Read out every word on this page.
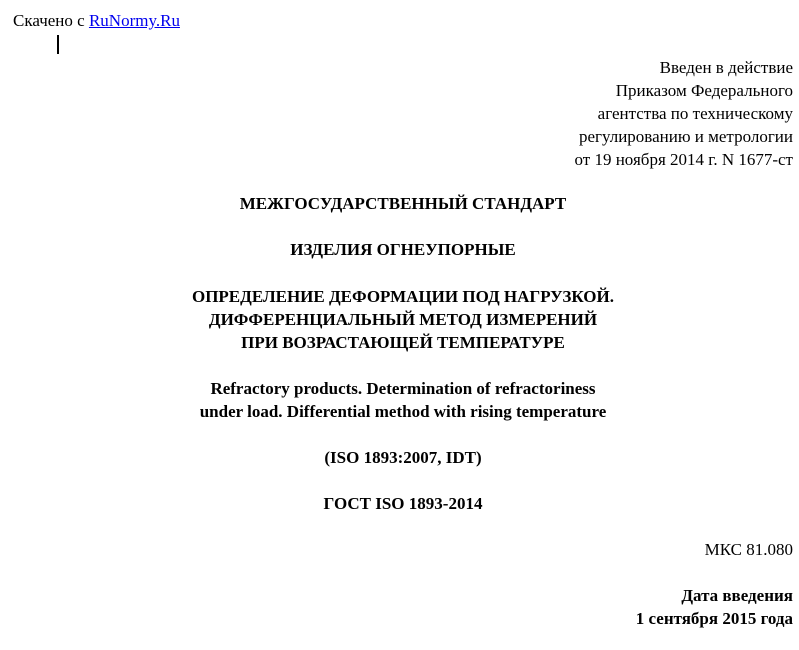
Скачено с RuNormy.Ru
Введен в действие
Приказом Федерального
агентства по техническому
регулированию и метрологии
от 19 ноября 2014 г. N 1677-ст
МЕЖГОСУДАРСТВЕННЫЙ СТАНДАРТ
ИЗДЕЛИЯ ОГНЕУПОРНЫЕ
ОПРЕДЕЛЕНИЕ ДЕФОРМАЦИИ ПОД НАГРУЗКОЙ.
ДИФФЕРЕНЦИАЛЬНЫЙ МЕТОД ИЗМЕРЕНИЙ
ПРИ ВОЗРАСТАЮЩЕЙ ТЕМПЕРАТУРЕ
Refractory products. Determination of refractoriness
under load. Differential method with rising temperature
(ISO 1893:2007, IDT)
ГОСТ ISO 1893-2014
МКС 81.080
Дата введения
1 сентября 2015 года
